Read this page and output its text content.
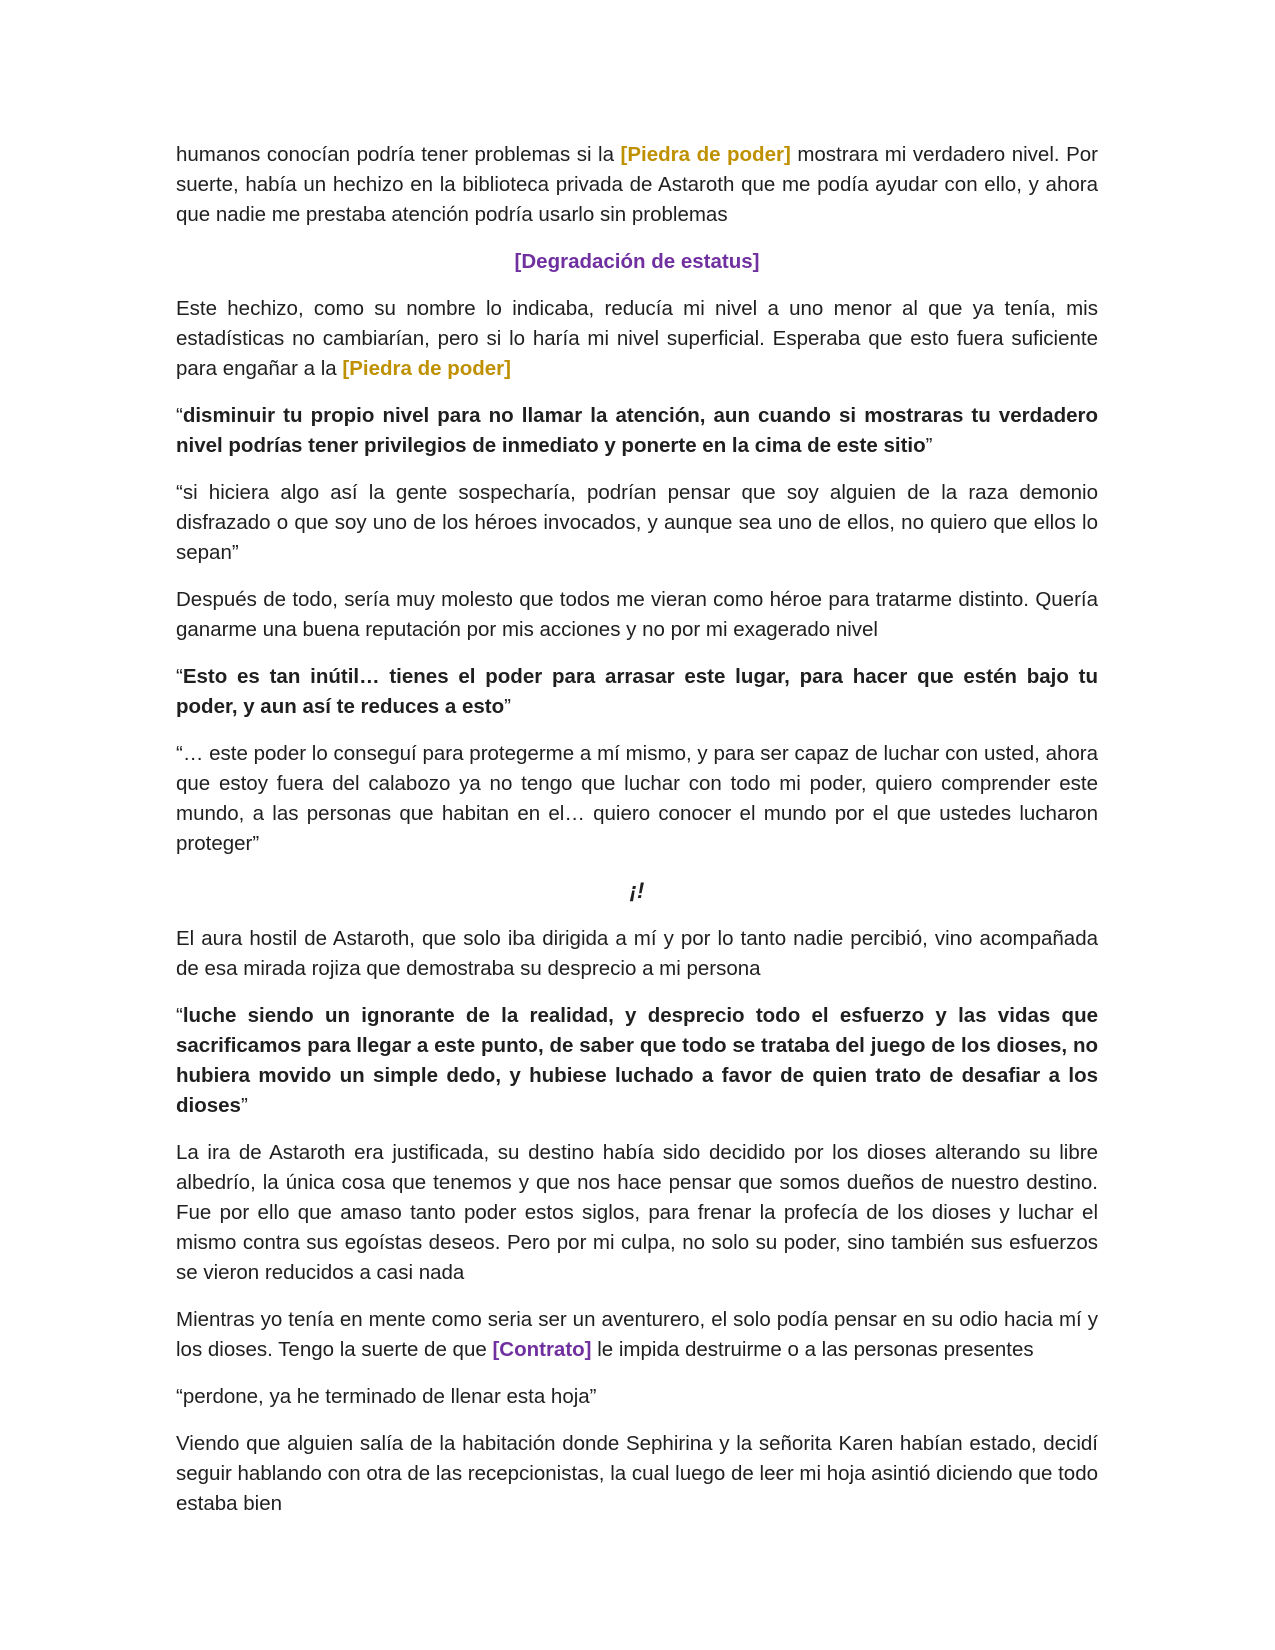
humanos conocían podría tener problemas si la [Piedra de poder] mostrara mi verdadero nivel. Por suerte, había un hechizo en la biblioteca privada de Astaroth que me podía ayudar con ello, y ahora que nadie me prestaba atención podría usarlo sin problemas

[Degradación de estatus]

Este hechizo, como su nombre lo indicaba, reducía mi nivel a uno menor al que ya tenía, mis estadísticas no cambiarían, pero si lo haría mi nivel superficial. Esperaba que esto fuera suficiente para engañar a la [Piedra de poder]

“disminuir tu propio nivel para no llamar la atención, aun cuando si mostraras tu verdadero nivel podrías tener privilegios de inmediato y ponerte en la cima de este sitio”

“si hiciera algo así la gente sospecharía, podrían pensar que soy alguien de la raza demonio disfrazado o que soy uno de los héroes invocados, y aunque sea uno de ellos, no quiero que ellos lo sepan”

Después de todo, sería muy molesto que todos me vieran como héroe para tratarme distinto. Quería ganarme una buena reputación por mis acciones y no por mi exagerado nivel

“Esto es tan inútil… tienes el poder para arrasar este lugar, para hacer que estén bajo tu poder, y aun así te reduces a esto”

“… este poder lo conseguí para protegerme a mí mismo, y para ser capaz de luchar con usted, ahora que estoy fuera del calabozo ya no tengo que luchar con todo mi poder, quiero comprender este mundo, a las personas que habitan en el… quiero conocer el mundo por el que ustedes lucharon proteger”

¡!

El aura hostil de Astaroth, que solo iba dirigida a mí y por lo tanto nadie percibió, vino acompañada de esa mirada rojiza que demostraba su desprecio a mi persona

“luche siendo un ignorante de la realidad, y desprecio todo el esfuerzo y las vidas que sacrificamos para llegar a este punto, de saber que todo se trataba del juego de los dioses, no hubiera movido un simple dedo, y hubiese luchado a favor de quien trato de desafiar a los dioses”

La ira de Astaroth era justificada, su destino había sido decidido por los dioses alterando su libre albedrío, la única cosa que tenemos y que nos hace pensar que somos dueños de nuestro destino. Fue por ello que amaso tanto poder estos siglos, para frenar la profecía de los dioses y luchar el mismo contra sus egoístas deseos. Pero por mi culpa, no solo su poder, sino también sus esfuerzos se vieron reducidos a casi nada

Mientras yo tenía en mente como seria ser un aventurero, el solo podía pensar en su odio hacia mí y los dioses. Tengo la suerte de que [Contrato] le impida destruirme o a las personas presentes

“perdone, ya he terminado de llenar esta hoja”

Viendo que alguien salía de la habitación donde Sephirina y la señorita Karen habían estado, decidí seguir hablando con otra de las recepcionistas, la cual luego de leer mi hoja asintió diciendo que todo estaba bien
